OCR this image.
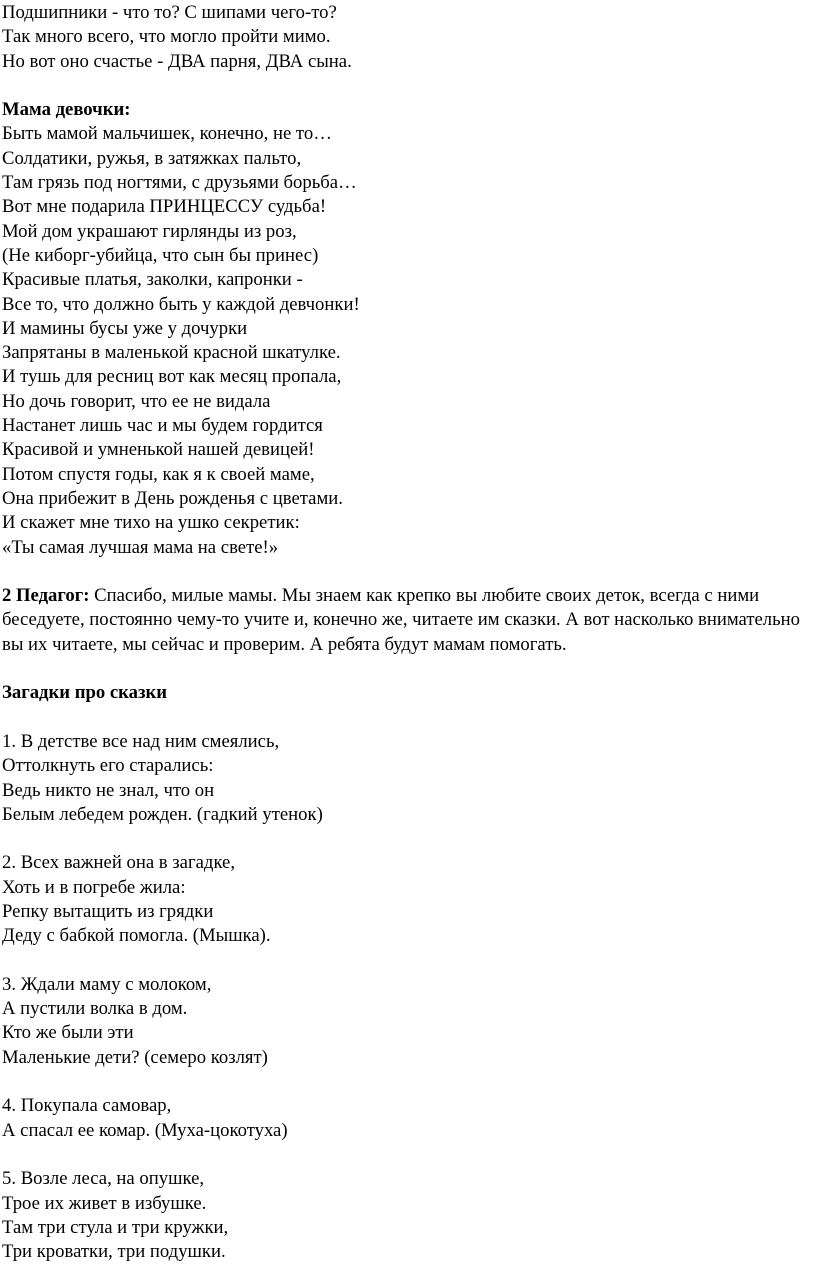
Подшипники - что то? С шипами чего-то?
Так много всего, что могло пройти мимо.
Но вот оно счастье - ДВА парня, ДВА сына.
Мама девочки:
Быть мамой мальчишек, конечно, не то…
Солдатики, ружья, в затяжках пальто,
Там грязь под ногтями, с друзьями борьба…
Вот мне подарила ПРИНЦЕССУ судьба!
Мой дом украшают гирлянды из роз,
(Не киборг-убийца, что сын бы принес)
Красивые платья, заколки, капронки -
Все то, что должно быть у каждой девчонки!
И мамины бусы уже у дочурки
Запрятаны в маленькой красной шкатулке.
И тушь для ресниц вот как месяц пропала,
Но дочь говорит, что ее не видала
Настанет лишь час и мы будем гордится
Красивой и умненькой нашей девицей!
Потом спустя годы, как я к своей маме,
Она прибежит в День рожденья с цветами.
И скажет мне тихо на ушко секретик:
«Ты самая лучшая мама на свете!»
2 Педагог: Спасибо, милые мамы. Мы знаем как крепко вы любите своих деток, всегда с ними беседуете, постоянно чему-то учите и, конечно же, читаете им сказки. А вот насколько внимательно вы их читаете, мы сейчас и проверим. А ребята будут мамам помогать.
Загадки про сказки
1. В детстве все над ним смеялись,
Оттолкнуть его старались:
Ведь никто не знал, что он
Белым лебедем рожден. (гадкий утенок)
2. Всех важней она в загадке,
Хоть и в погребе жила:
Репку вытащить из грядки
Деду с бабкой помогла. (Мышка).
3. Ждали маму с молоком,
А пустили волка в дом.
Кто же были эти
Маленькие дети? (семеро козлят)
4. Покупала самовар,
А спасал ее комар. (Муха-цокотуха)
5. Возле леса, на опушке,
Трое их живет в избушке.
Там три стула и три кружки,
Три кроватки, три подушки.
